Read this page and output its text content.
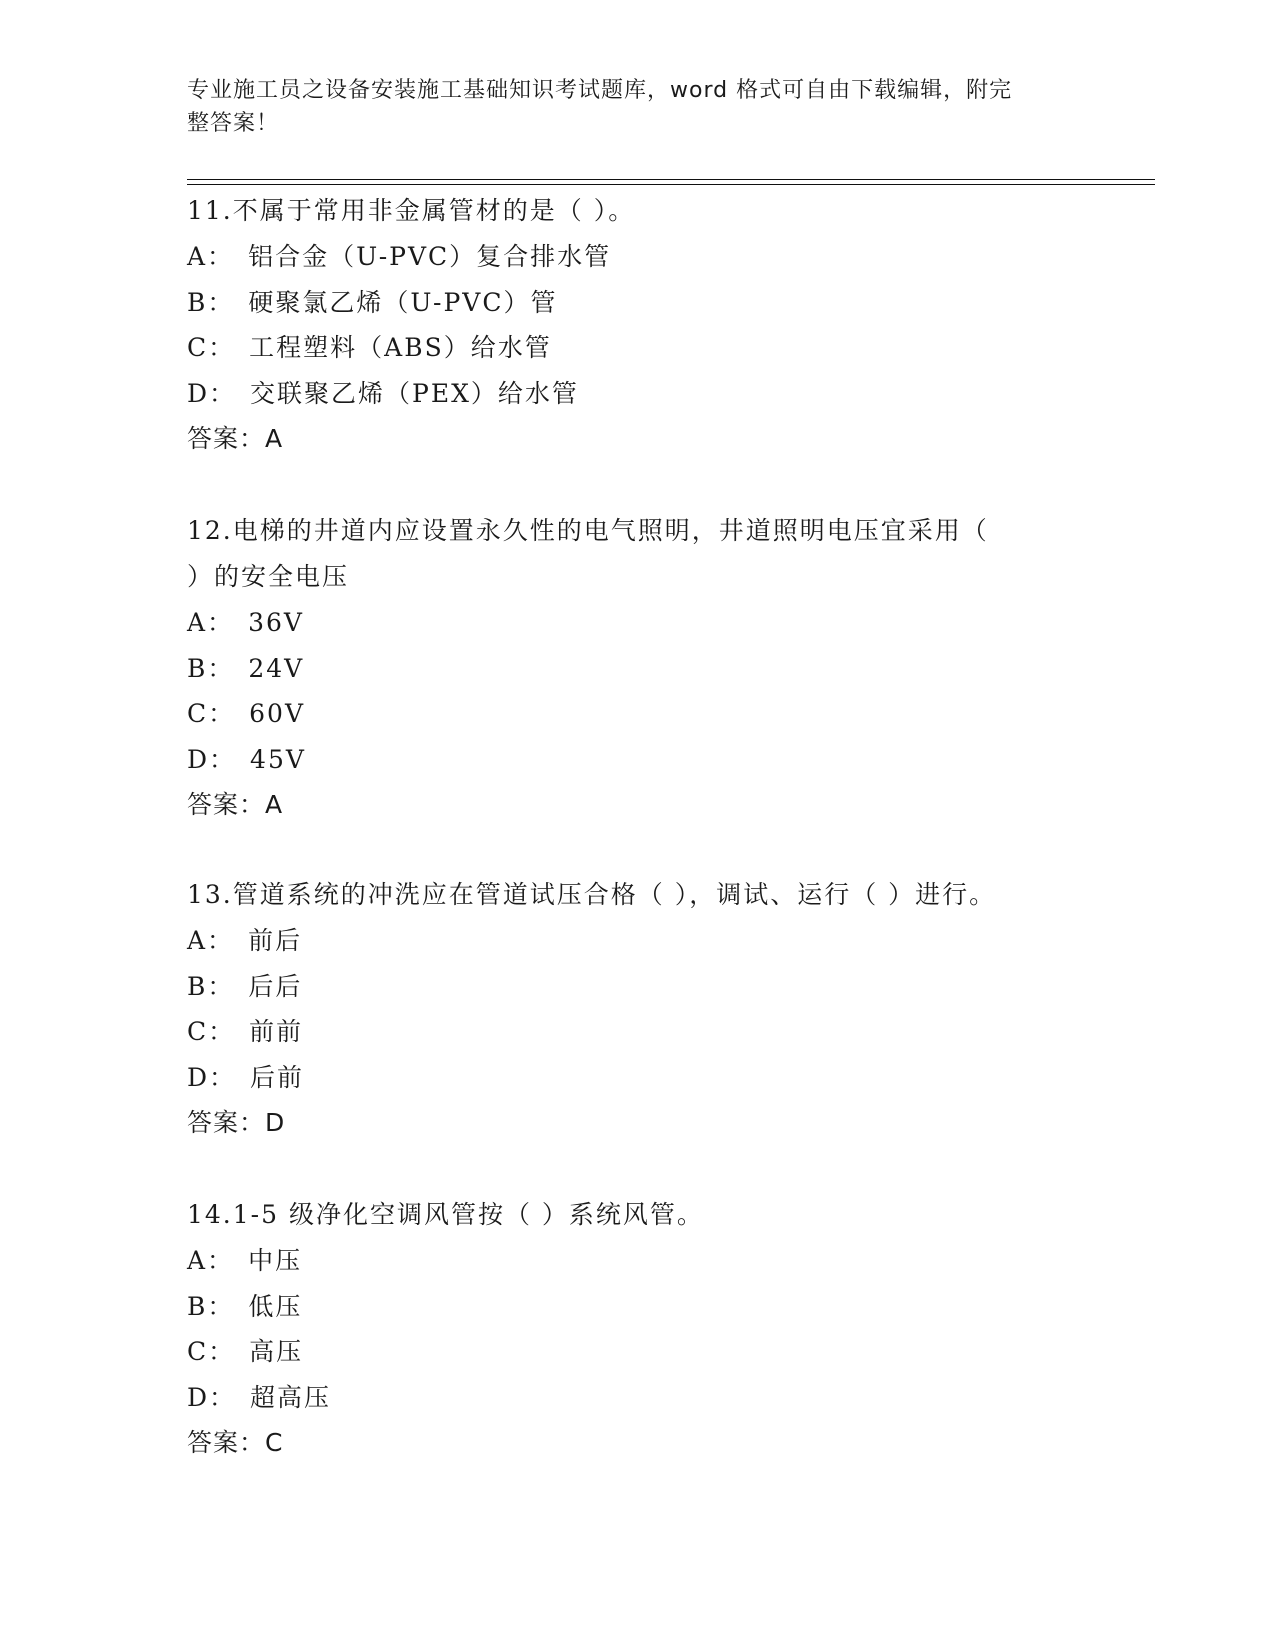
专业施工员之设备安装施工基础知识考试题库，word 格式可自由下载编辑，附完
整答案！

11.不属于常用非金属管材的是（ ）。

A： 铝合金（U-PVC）复合排水管

B： 硬聚氯乙烯（U-PVC）管

C： 工程塑料（ABS）给水管

D： 交联聚乙烯（PEX）给水管

答案：A

12.电梯的井道内应设置永久性的电气照明，井道照明电压宜采用（

）的安全电压

A： 36V

B： 24V

C： 60V

D： 45V

答案：A

13.管道系统的冲洗应在管道试压合格（ ），调试、运行（ ）进行。

A： 前后

B： 后后

C： 前前

D： 后前

答案：D

14.1-5 级净化空调风管按（ ）系统风管。

A： 中压

B： 低压

C： 高压

D： 超高压

答案：C
